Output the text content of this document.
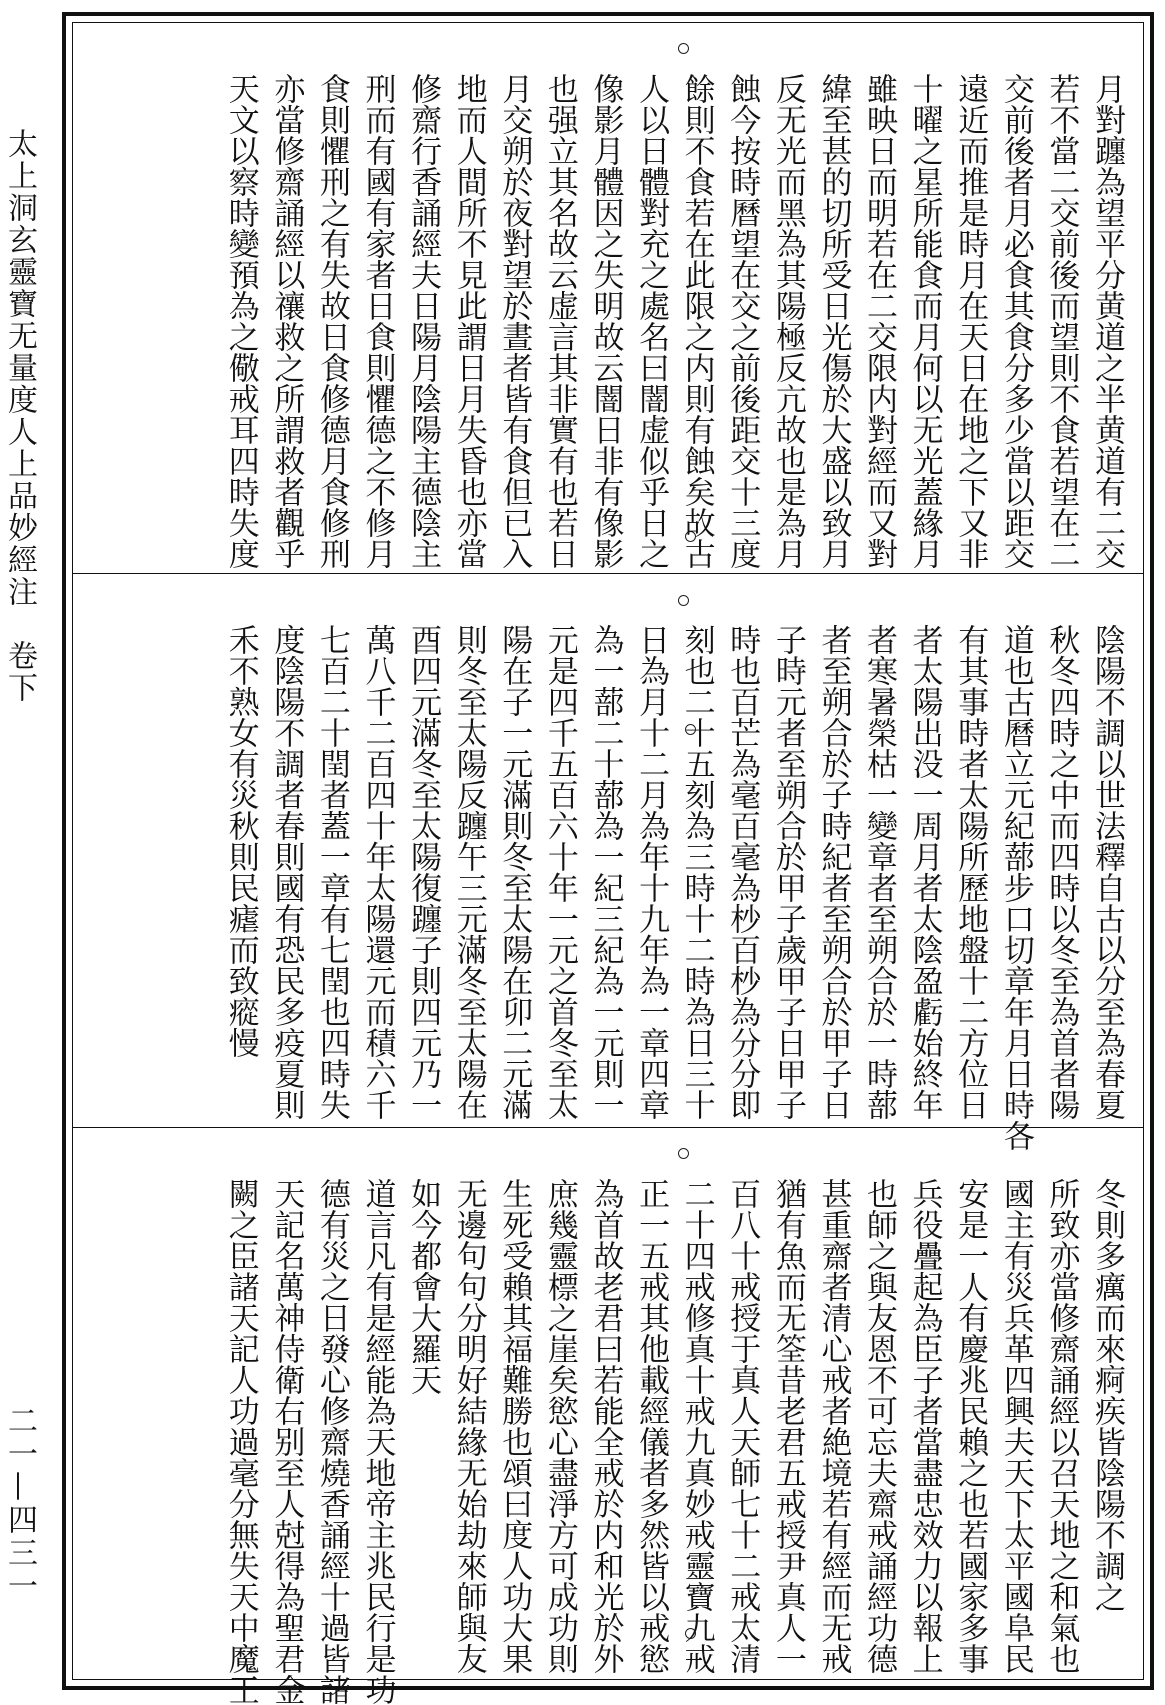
太上洞玄靈寶无量度人上品妙經注　卷下
二一—四三一
月對躔為望平分黄道之半黄道有二交
若不當二交前後而望則不食若望在二
交前後者月必食其食分多少當以距交
遠近而推是時月在天日在地之下又非
十曜之星所能食而月何以无光蓋緣月
雖映日而明若在二交限内對經而又對
緯至甚的切所受日光傷於大盛以致月
反无光而黑為其陽極反亢故也是為月
蝕今按時曆望在交之前後距交十三度
餘則不食若在此限之内則有蝕矣故古
人以日體對充之處名曰闇虚似乎日之
像影月體因之失明故云闇日非有像影
也强立其名故云虚言其非實有也若日
月交朔於夜對望於晝者皆有食但已入
地而人間所不見此謂日月失昏也亦當
修齋行香誦經夫日陽月陰陽主德陰主
刑而有國有家者日食則懼德之不修月
食則懼刑之有失故日食修德月食修刑
亦當修齋誦經以禳救之所謂救者觀乎
天文以察時變預為之儆戒耳四時失度
陰陽不調以世法釋自古以分至為春夏
秋冬四時之中而四時以冬至為首者陽
道也古曆立元紀蔀步口切章年月日時各
有其事時者太陽所歷地盤十二方位日
者太陽出没一周月者太陰盈虧始終年
者寒暑榮枯一變章者至朔合於一時蔀
者至朔合於子時紀者至朔合於甲子日
子時元者至朔合於甲子歲甲子日甲子
時也百芒為毫百毫為杪百杪為分分即
刻也二十五刻為三時十二時為日三十
日為月十二月為年十九年為一章四章
為一蔀二十蔀為一紀三紀為一元則一
元是四千五百六十年一元之首冬至太
陽在子一元滿則冬至太陽在卯二元滿
則冬至太陽反躔午三元滿冬至太陽在
酉四元滿冬至太陽復躔子則四元乃一
萬八千二百四十年太陽還元而積六千
七百二十閏者蓋一章有七閏也四時失
度陰陽不調者春則國有恐民多疫夏則
禾不熟女有災秋則民瘧而致瘲慢
冬則多癘而來痾疾皆陰陽不調之
所致亦當修齋誦經以召天地之和氣也
國主有災兵革四興夫天下太平國阜民
安是一人有慶兆民賴之也若國家多事
兵役疊起為臣子者當盡忠效力以報上
也師之與友恩不可忘夫齋戒誦經功德
甚重齋者清心戒者絶境若有經而无戒
猶有魚而无筌昔老君五戒授尹真人一
百八十戒授于真人天師七十二戒太清
二十四戒修真十戒九真妙戒靈寶九戒
正一五戒其他載經儀者多然皆以戒慾
為首故老君曰若能全戒於内和光於外
庶幾靈標之崖矣慾心盡淨方可成功則
生死受賴其福難勝也頌曰度人功大果
无邊句句分明好結緣无始劫來師與友
如今都會大羅天
道言凡有是經能為天地帝主兆民行是功
德有災之日發心修齋燒香誦經十過皆諸
天記名萬神侍衛右别至人尅得為聖君金
闕之臣諸天記人功過毫分無失天中魔王
